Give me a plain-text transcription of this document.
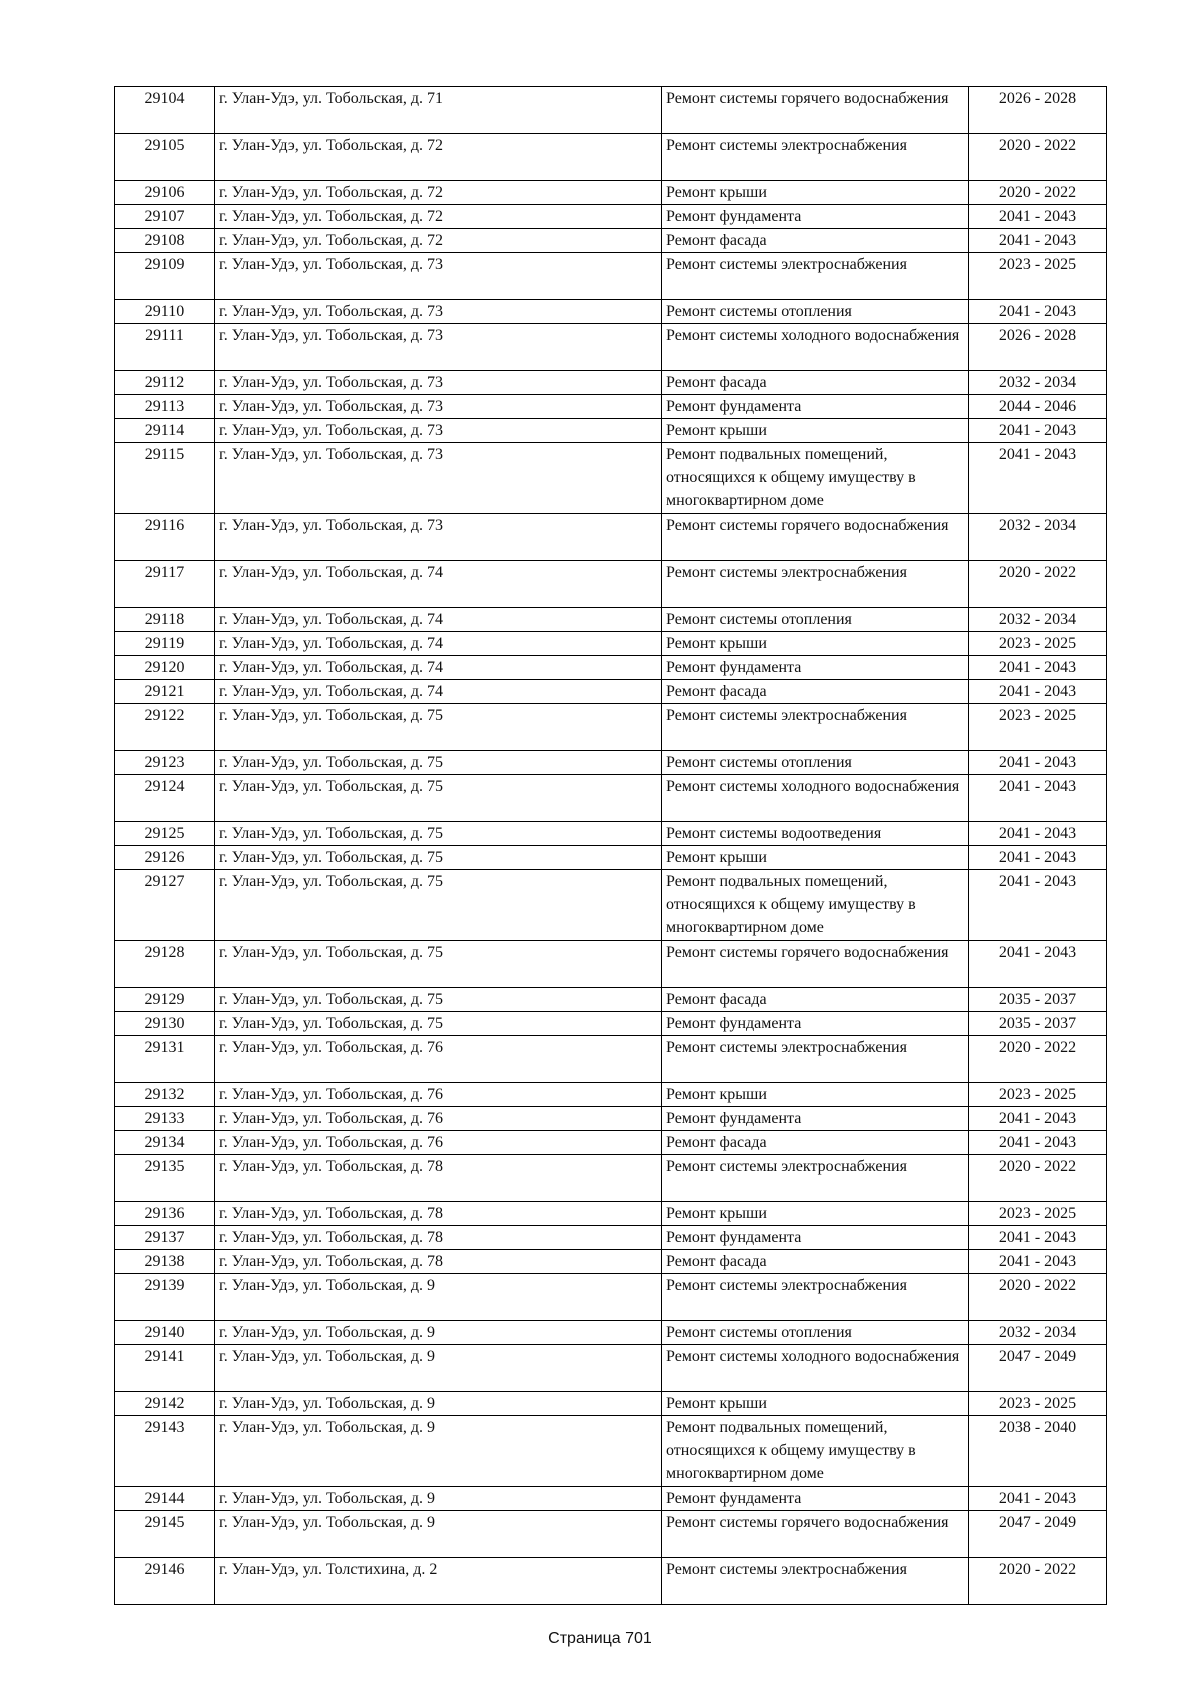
29104	г. Улан-Удэ, ул. Тобольская, д. 71	Ремонт системы горячего водоснабжения	2026 - 2028
29105	г. Улан-Удэ, ул. Тобольская, д. 72	Ремонт системы электроснабжения	2020 - 2022
29106	г. Улан-Удэ, ул. Тобольская, д. 72	Ремонт крыши	2020 - 2022
29107	г. Улан-Удэ, ул. Тобольская, д. 72	Ремонт фундамента	2041 - 2043
29108	г. Улан-Удэ, ул. Тобольская, д. 72	Ремонт фасада	2041 - 2043
29109	г. Улан-Удэ, ул. Тобольская, д. 73	Ремонт системы электроснабжения	2023 - 2025
29110	г. Улан-Удэ, ул. Тобольская, д. 73	Ремонт системы отопления	2041 - 2043
29111	г. Улан-Удэ, ул. Тобольская, д. 73	Ремонт системы холодного водоснабжения	2026 - 2028
29112	г. Улан-Удэ, ул. Тобольская, д. 73	Ремонт фасада	2032 - 2034
29113	г. Улан-Удэ, ул. Тобольская, д. 73	Ремонт фундамента	2044 - 2046
29114	г. Улан-Удэ, ул. Тобольская, д. 73	Ремонт крыши	2041 - 2043
29115	г. Улан-Удэ, ул. Тобольская, д. 73	Ремонт подвальных помещений, относящихся к общему имуществу в многоквартирном доме	2041 - 2043
29116	г. Улан-Удэ, ул. Тобольская, д. 73	Ремонт системы горячего водоснабжения	2032 - 2034
29117	г. Улан-Удэ, ул. Тобольская, д. 74	Ремонт системы электроснабжения	2020 - 2022
29118	г. Улан-Удэ, ул. Тобольская, д. 74	Ремонт системы отопления	2032 - 2034
29119	г. Улан-Удэ, ул. Тобольская, д. 74	Ремонт крыши	2023 - 2025
29120	г. Улан-Удэ, ул. Тобольская, д. 74	Ремонт фундамента	2041 - 2043
29121	г. Улан-Удэ, ул. Тобольская, д. 74	Ремонт фасада	2041 - 2043
29122	г. Улан-Удэ, ул. Тобольская, д. 75	Ремонт системы электроснабжения	2023 - 2025
29123	г. Улан-Удэ, ул. Тобольская, д. 75	Ремонт системы отопления	2041 - 2043
29124	г. Улан-Удэ, ул. Тобольская, д. 75	Ремонт системы холодного водоснабжения	2041 - 2043
29125	г. Улан-Удэ, ул. Тобольская, д. 75	Ремонт системы водоотведения	2041 - 2043
29126	г. Улан-Удэ, ул. Тобольская, д. 75	Ремонт крыши	2041 - 2043
29127	г. Улан-Удэ, ул. Тобольская, д. 75	Ремонт подвальных помещений, относящихся к общему имуществу в многоквартирном доме	2041 - 2043
29128	г. Улан-Удэ, ул. Тобольская, д. 75	Ремонт системы горячего водоснабжения	2041 - 2043
29129	г. Улан-Удэ, ул. Тобольская, д. 75	Ремонт фасада	2035 - 2037
29130	г. Улан-Удэ, ул. Тобольская, д. 75	Ремонт фундамента	2035 - 2037
29131	г. Улан-Удэ, ул. Тобольская, д. 76	Ремонт системы электроснабжения	2020 - 2022
29132	г. Улан-Удэ, ул. Тобольская, д. 76	Ремонт крыши	2023 - 2025
29133	г. Улан-Удэ, ул. Тобольская, д. 76	Ремонт фундамента	2041 - 2043
29134	г. Улан-Удэ, ул. Тобольская, д. 76	Ремонт фасада	2041 - 2043
29135	г. Улан-Удэ, ул. Тобольская, д. 78	Ремонт системы электроснабжения	2020 - 2022
29136	г. Улан-Удэ, ул. Тобольская, д. 78	Ремонт крыши	2023 - 2025
29137	г. Улан-Удэ, ул. Тобольская, д. 78	Ремонт фундамента	2041 - 2043
29138	г. Улан-Удэ, ул. Тобольская, д. 78	Ремонт фасада	2041 - 2043
29139	г. Улан-Удэ, ул. Тобольская, д. 9	Ремонт системы электроснабжения	2020 - 2022
29140	г. Улан-Удэ, ул. Тобольская, д. 9	Ремонт системы отопления	2032 - 2034
29141	г. Улан-Удэ, ул. Тобольская, д. 9	Ремонт системы холодного водоснабжения	2047 - 2049
29142	г. Улан-Удэ, ул. Тобольская, д. 9	Ремонт крыши	2023 - 2025
29143	г. Улан-Удэ, ул. Тобольская, д. 9	Ремонт подвальных помещений, относящихся к общему имуществу в многоквартирном доме	2038 - 2040
29144	г. Улан-Удэ, ул. Тобольская, д. 9	Ремонт фундамента	2041 - 2043
29145	г. Улан-Удэ, ул. Тобольская, д. 9	Ремонт системы горячего водоснабжения	2047 - 2049
29146	г. Улан-Удэ, ул. Толстихина, д. 2	Ремонт системы электроснабжения	2020 - 2022
Страница 701
